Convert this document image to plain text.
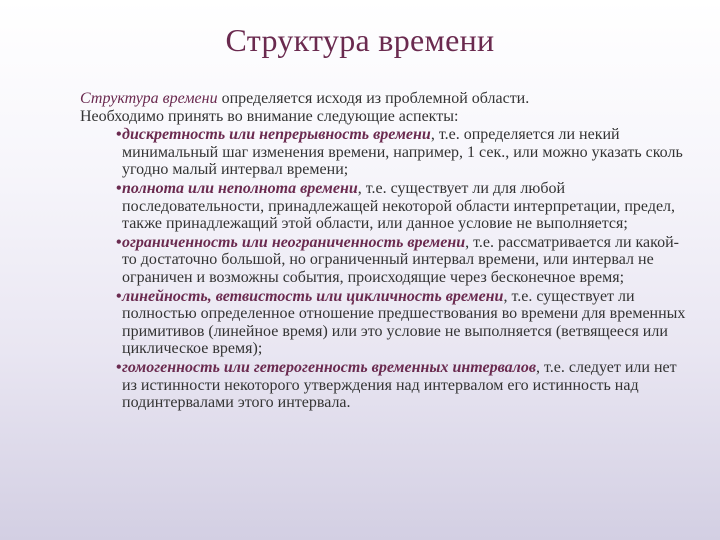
Структура времени

Структура времени определяется исходя из проблемной области.

Необходимо принять во внимание следующие аспекты:

•дискретность или непрерывность времени, т.е. определяется ли некий минимальный шаг изменения времени, например, 1 сек., или можно указать сколь угодно малый интервал времени;
•полнота или неполнота времени, т.е. существует ли для любой последовательности, принадлежащей некоторой области интерпретации, предел, также принадлежащий этой области, или данное условие не выполняется;
•ограниченность или неограниченность времени, т.е. рассматривается ли какой-то достаточно большой, но ограниченный интервал времени, или интервал не ограничен и возможны события, происходящие через бесконечное время;
•линейность, ветвистость или цикличность времени, т.е. существует ли полностью определенное отношение предшествования во времени для временных примитивов (линейное время) или это условие не выполняется (ветвящееся или циклическое время);
•гомогенность или гетерогенность временных интервалов, т.е. следует или нет из истинности некоторого утверждения над интервалом его истинность над подинтервалами этого интервала.
